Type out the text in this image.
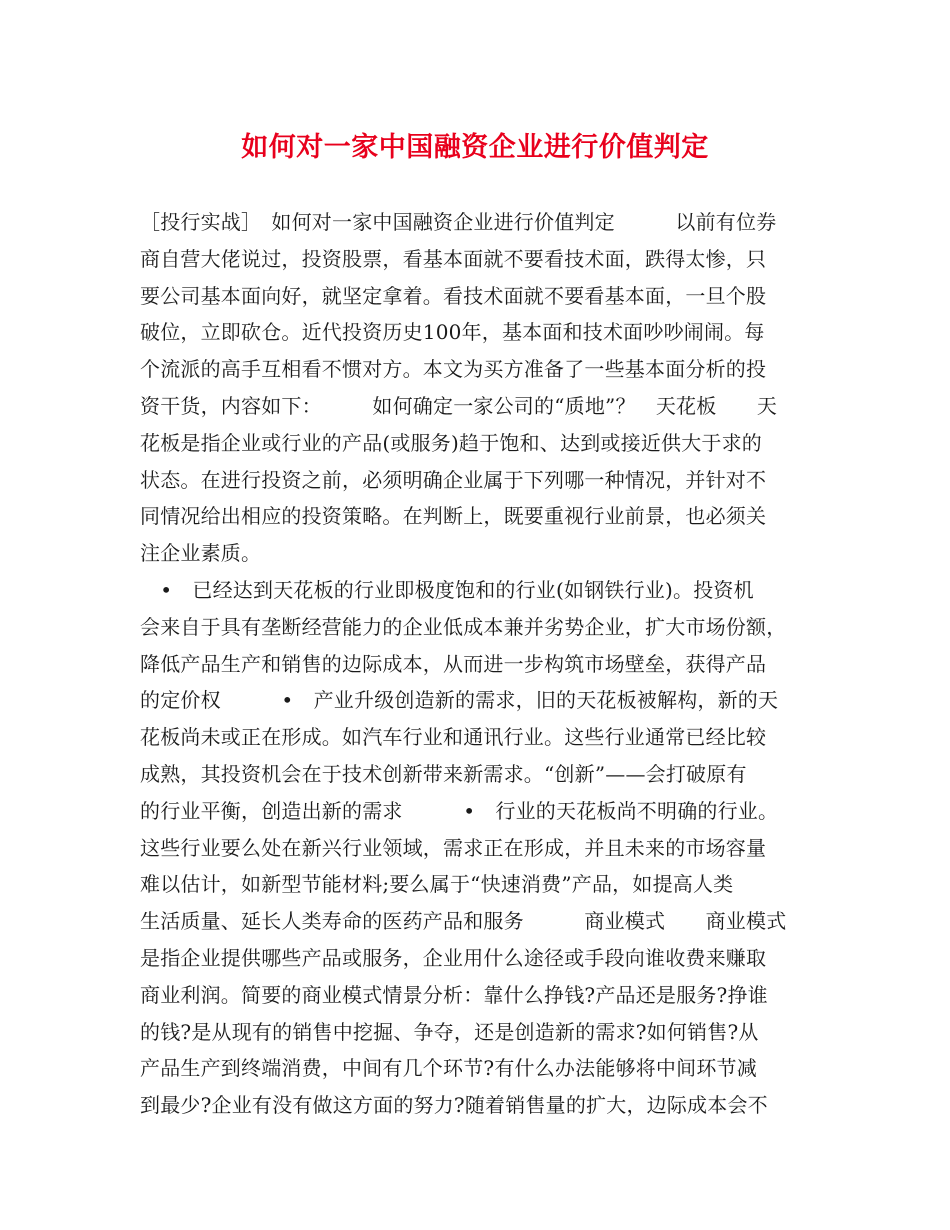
如何对一家中国融资企业进行价值判定
［投行实战］　如何对一家中国融资企业进行价值判定　　　以前有位券
商自营大佬说过，投资股票，看基本面就不要看技术面，跌得太惨，只
要公司基本面向好，就坚定拿着。看技术面就不要看基本面，一旦个股
破位，立即砍仓。近代投资历史100年，基本面和技术面吵吵闹闹。每
个流派的高手互相看不惯对方。本文为买方准备了一些基本面分析的投
资干货，内容如下：　　　如何确定一家公司的“质地”？　天花板　　天
花板是指企业或行业的产品(或服务)趋于饱和、达到或接近供大于求的
状态。在进行投资之前，必须明确企业属于下列哪一种情况，并针对不
同情况给出相应的投资策略。在判断上，既要重视行业前景，也必须关
注企业素质。
　•　已经达到天花板的行业即极度饱和的行业(如钢铁行业)。投资机
会来自于具有垄断经营能力的企业低成本兼并劣势企业，扩大市场份额，
降低产品生产和销售的边际成本，从而进一步构筑市场壁垒，获得产品
的定价权　　　•　产业升级创造新的需求，旧的天花板被解构，新的天
花板尚未或正在形成。如汽车行业和通讯行业。这些行业通常已经比较
成熟，其投资机会在于技术创新带来新需求。“创新”——会打破原有
的行业平衡，创造出新的需求　　　•　行业的天花板尚不明确的行业。
这些行业要么处在新兴行业领域，需求正在形成，并且未来的市场容量
难以估计，如新型节能材料;要么属于“快速消费”产品，如提高人类
生活质量、延长人类寿命的医药产品和服务　　　商业模式　　商业模式
是指企业提供哪些产品或服务，企业用什么途径或手段向谁收费来赚取
商业利润。简要的商业模式情景分析：靠什么挣钱?产品还是服务?挣谁
的钱?是从现有的销售中挖掘、争夺，还是创造新的需求?如何销售?从
产品生产到终端消费，中间有几个环节?有什么办法能够将中间环节减
到最少?企业有没有做这方面的努力?随着销售量的扩大，边际成本会不
